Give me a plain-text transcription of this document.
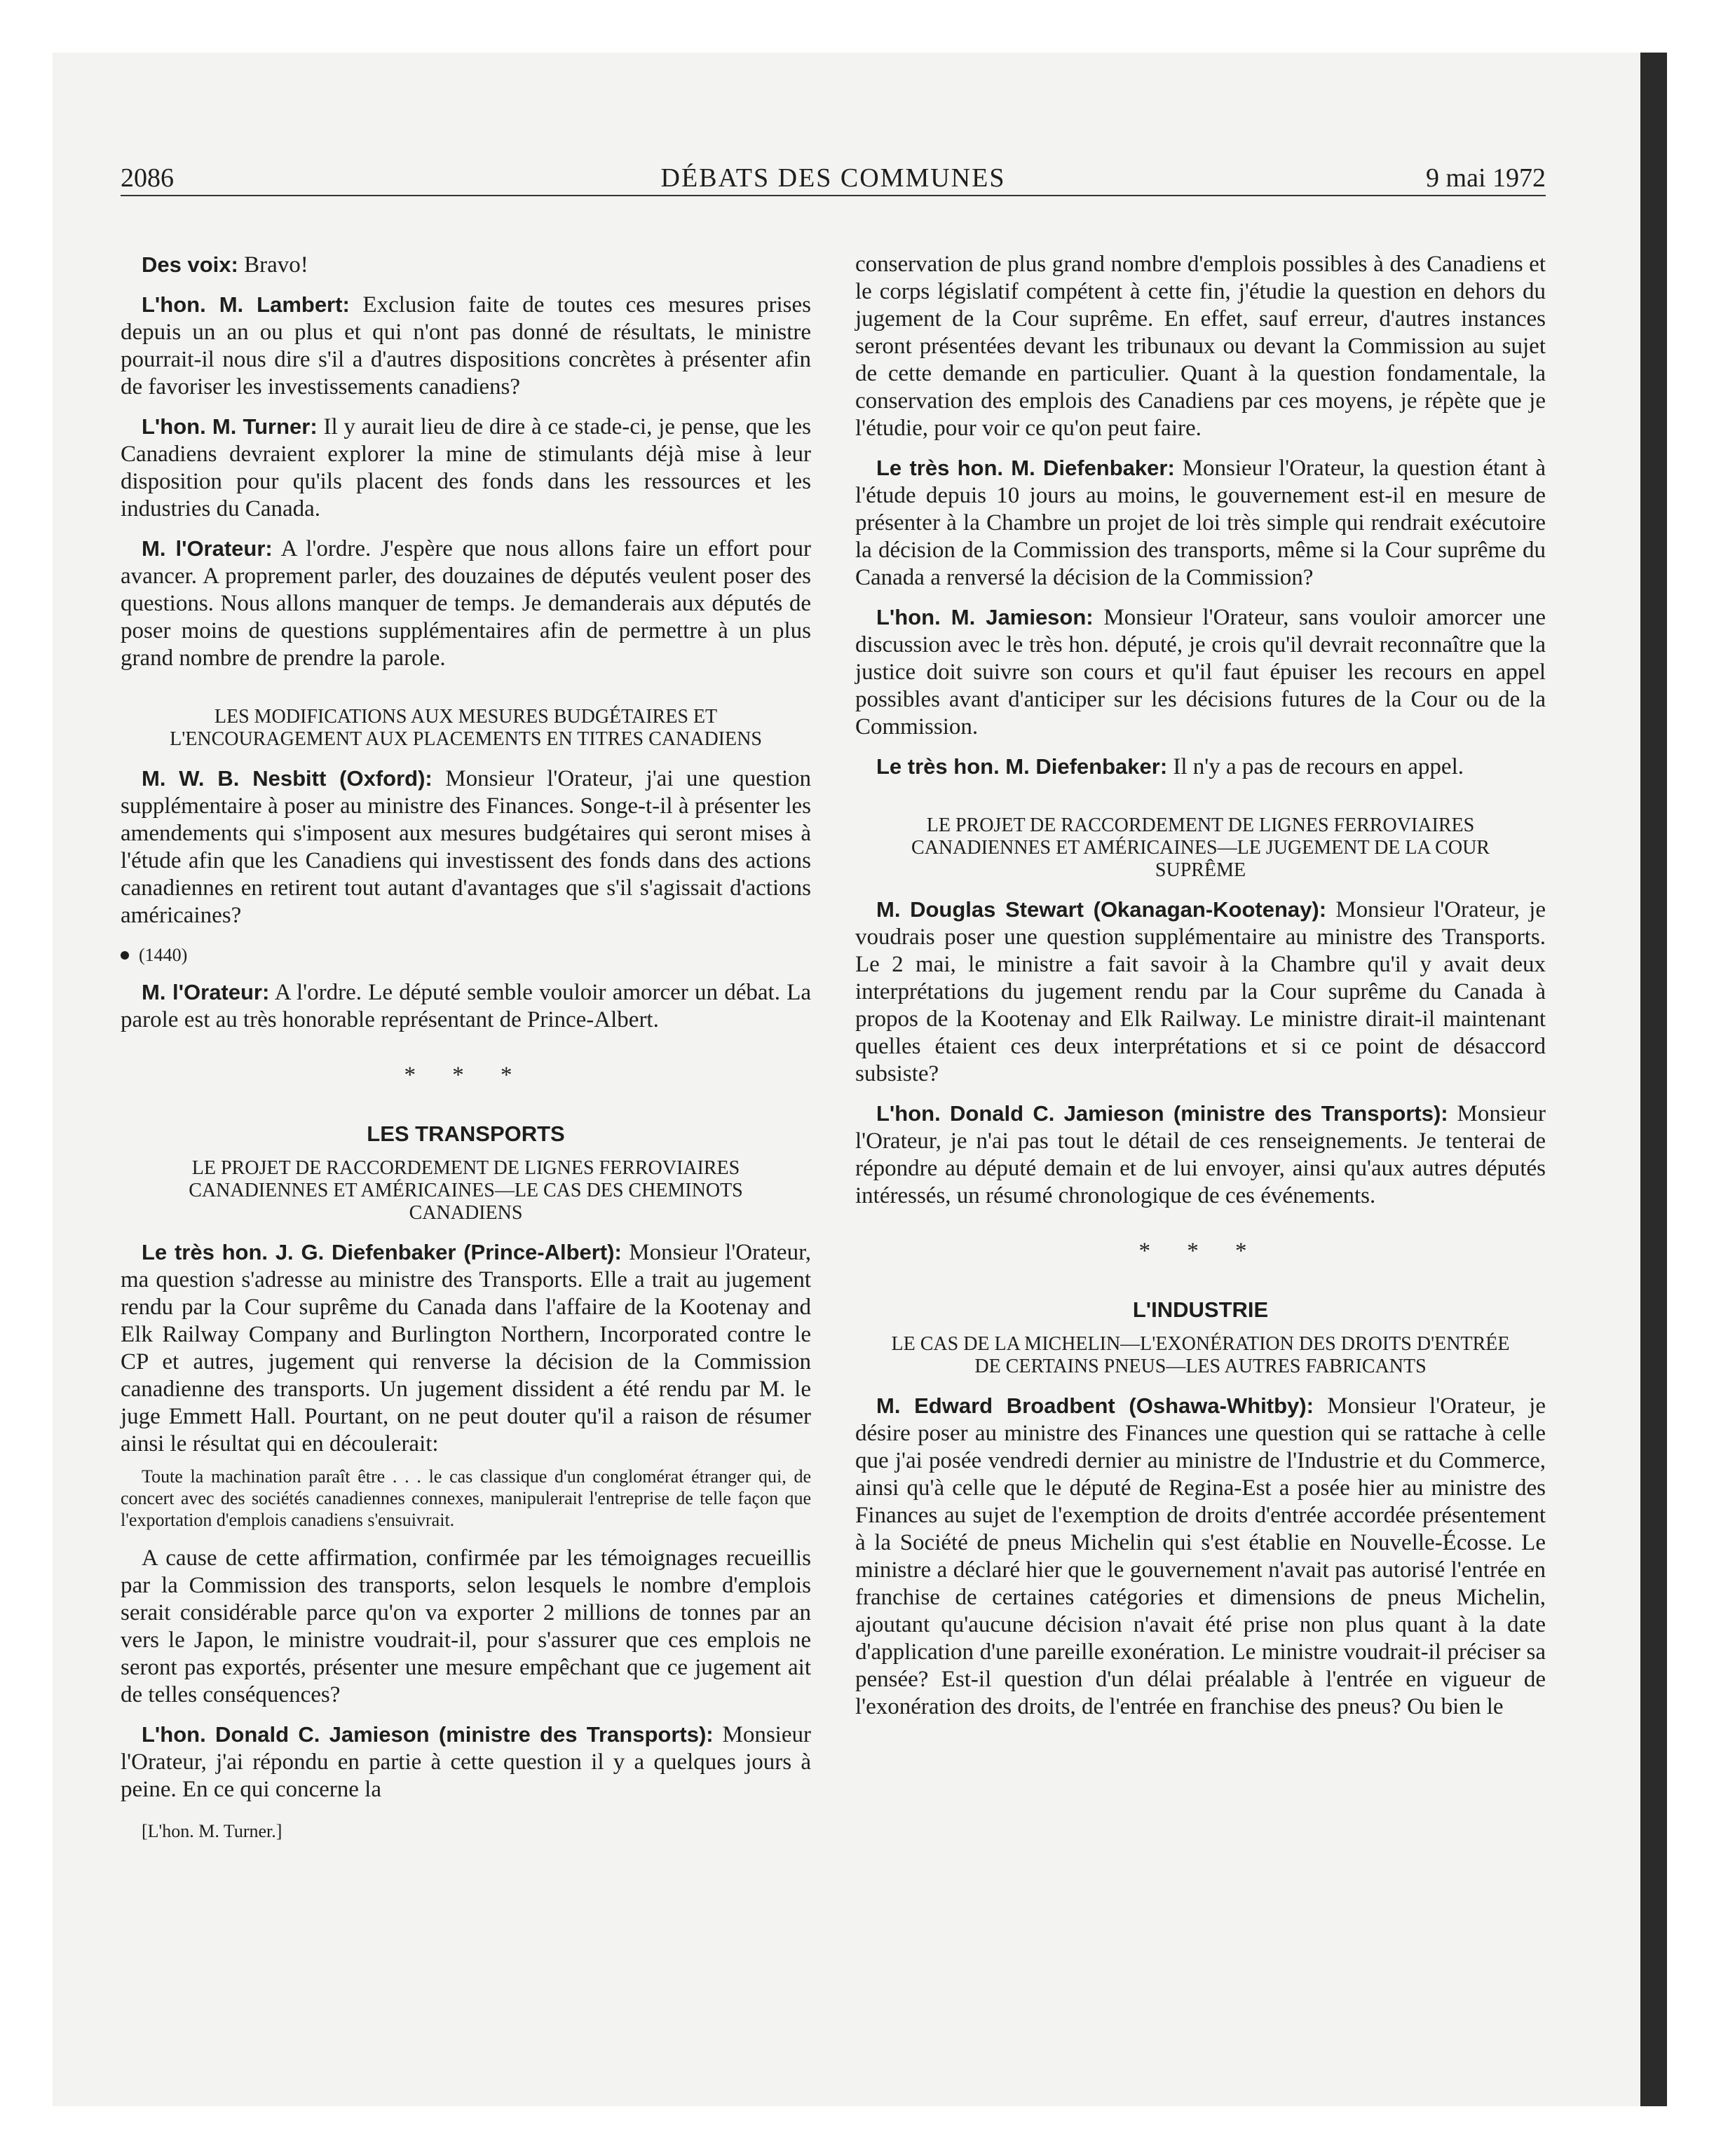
2086	DÉBATS DES COMMUNES	9 mai 1972

Des voix: Bravo!

L'hon. M. Lambert: Exclusion faite de toutes ces mesures prises depuis un an ou plus et qui n'ont pas donné de résultats, le ministre pourrait-il nous dire s'il a d'autres dispositions concrètes à présenter afin de favoriser les investissements canadiens?

L'hon. M. Turner: Il y aurait lieu de dire à ce stade-ci, je pense, que les Canadiens devraient explorer la mine de stimulants déjà mise à leur disposition pour qu'ils placent des fonds dans les ressources et les industries du Canada.

M. l'Orateur: A l'ordre. J'espère que nous allons faire un effort pour avancer. A proprement parler, des douzaines de députés veulent poser des questions. Nous allons manquer de temps. Je demanderais aux députés de poser moins de questions supplémentaires afin de permettre à un plus grand nombre de prendre la parole.

LES MODIFICATIONS AUX MESURES BUDGÉTAIRES ET L'ENCOURAGEMENT AUX PLACEMENTS EN TITRES CANADIENS

M. W. B. Nesbitt (Oxford): Monsieur l'Orateur, j'ai une question supplémentaire à poser au ministre des Finances. Songe-t-il à présenter les amendements qui s'imposent aux mesures budgétaires qui seront mises à l'étude afin que les Canadiens qui investissent des fonds dans des actions canadiennes en retirent tout autant d'avantages que s'il s'agissait d'actions américaines?

(1440)

M. l'Orateur: A l'ordre. Le député semble vouloir amorcer un débat. La parole est au très honorable représentant de Prince-Albert.

* * *
LES TRANSPORTS
LE PROJET DE RACCORDEMENT DE LIGNES FERROVIAIRES CANADIENNES ET AMÉRICAINES—LE CAS DES CHEMINOTS CANADIENS

Le très hon. J. G. Diefenbaker (Prince-Albert): Monsieur l'Orateur, ma question s'adresse au ministre des Transports. Elle a trait au jugement rendu par la Cour suprême du Canada dans l'affaire de la Kootenay and Elk Railway Company and Burlington Northern, Incorporated contre le CP et autres, jugement qui renverse la décision de la Commission canadienne des transports. Un jugement dissident a été rendu par M. le juge Emmett Hall. Pourtant, on ne peut douter qu'il a raison de résumer ainsi le résultat qui en découlerait:

Toute la machination paraît être . . . le cas classique d'un conglomérat étranger qui, de concert avec des sociétés canadiennes connexes, manipulerait l'entreprise de telle façon que l'exportation d'emplois canadiens s'ensuivrait.

A cause de cette affirmation, confirmée par les témoignages recueillis par la Commission des transports, selon lesquels le nombre d'emplois serait considérable parce qu'on va exporter 2 millions de tonnes par an vers le Japon, le ministre voudrait-il, pour s'assurer que ces emplois ne seront pas exportés, présenter une mesure empêchant que ce jugement ait de telles conséquences?

L'hon. Donald C. Jamieson (ministre des Transports): Monsieur l'Orateur, j'ai répondu en partie à cette question il y a quelques jours à peine. En ce qui concerne la

[L'hon. M. Turner.]

conservation de plus grand nombre d'emplois possibles à des Canadiens et le corps législatif compétent à cette fin, j'étudie la question en dehors du jugement de la Cour suprême. En effet, sauf erreur, d'autres instances seront présentées devant les tribunaux ou devant la Commission au sujet de cette demande en particulier. Quant à la question fondamentale, la conservation des emplois des Canadiens par ces moyens, je répète que je l'étudie, pour voir ce qu'on peut faire.

Le très hon. M. Diefenbaker: Monsieur l'Orateur, la question étant à l'étude depuis 10 jours au moins, le gouvernement est-il en mesure de présenter à la Chambre un projet de loi très simple qui rendrait exécutoire la décision de la Commission des transports, même si la Cour suprême du Canada a renversé la décision de la Commission?

L'hon. M. Jamieson: Monsieur l'Orateur, sans vouloir amorcer une discussion avec le très hon. député, je crois qu'il devrait reconnaître que la justice doit suivre son cours et qu'il faut épuiser les recours en appel possibles avant d'anticiper sur les décisions futures de la Cour ou de la Commission.

Le très hon. M. Diefenbaker: Il n'y a pas de recours en appel.

LE PROJET DE RACCORDEMENT DE LIGNES FERROVIAIRES CANADIENNES ET AMÉRICAINES—LE JUGEMENT DE LA COUR SUPRÊME

M. Douglas Stewart (Okanagan-Kootenay): Monsieur l'Orateur, je voudrais poser une question supplémentaire au ministre des Transports. Le 2 mai, le ministre a fait savoir à la Chambre qu'il y avait deux interprétations du jugement rendu par la Cour suprême du Canada à propos de la Kootenay and Elk Railway. Le ministre dirait-il maintenant quelles étaient ces deux interprétations et si ce point de désaccord subsiste?

L'hon. Donald C. Jamieson (ministre des Transports): Monsieur l'Orateur, je n'ai pas tout le détail de ces renseignements. Je tenterai de répondre au député demain et de lui envoyer, ainsi qu'aux autres députés intéressés, un résumé chronologique de ces événements.

* * *
L'INDUSTRIE
LE CAS DE LA MICHELIN—L'EXONÉRATION DES DROITS D'ENTRÉE DE CERTAINS PNEUS—LES AUTRES FABRICANTS

M. Edward Broadbent (Oshawa-Whitby): Monsieur l'Orateur, je désire poser au ministre des Finances une question qui se rattache à celle que j'ai posée vendredi dernier au ministre de l'Industrie et du Commerce, ainsi qu'à celle que le député de Regina-Est a posée hier au ministre des Finances au sujet de l'exemption de droits d'entrée accordée présentement à la Société de pneus Michelin qui s'est établie en Nouvelle-Écosse. Le ministre a déclaré hier que le gouvernement n'avait pas autorisé l'entrée en franchise de certaines catégories et dimensions de pneus Michelin, ajoutant qu'aucune décision n'avait été prise non plus quant à la date d'application d'une pareille exonération. Le ministre voudrait-il préciser sa pensée? Est-il question d'un délai préalable à l'entrée en vigueur de l'exonération des droits, de l'entrée en franchise des pneus? Ou bien le
